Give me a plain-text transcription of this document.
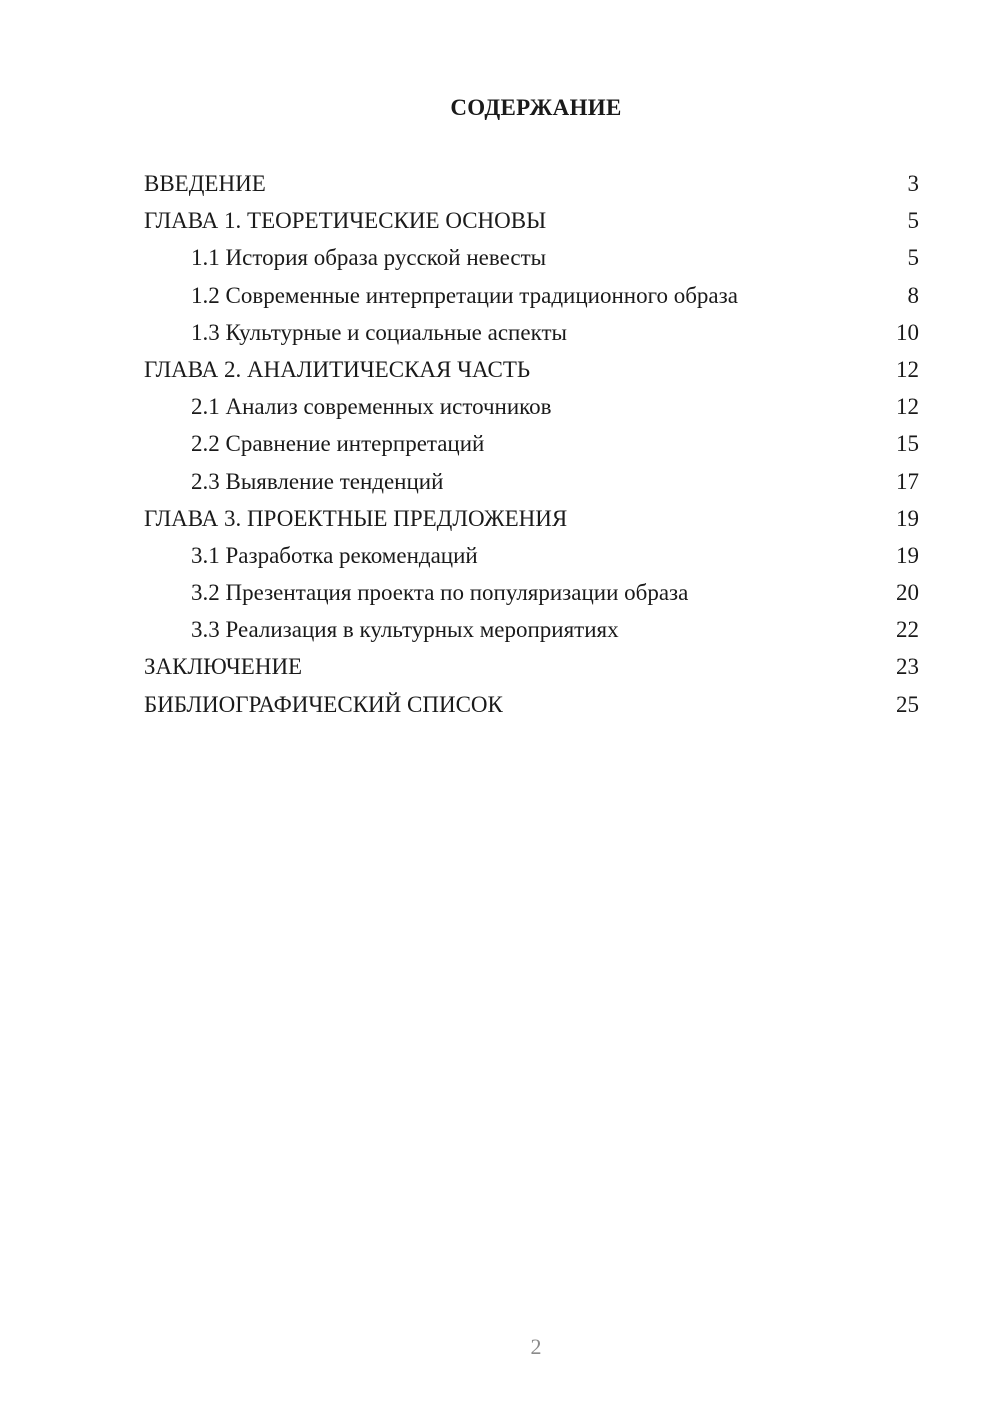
СОДЕРЖАНИЕ
ВВЕДЕНИЕ	3
ГЛАВА 1. ТЕОРЕТИЧЕСКИЕ ОСНОВЫ	5
1.1 История образа русской невесты	5
1.2 Современные интерпретации традиционного образа	8
1.3 Культурные и социальные аспекты	10
ГЛАВА 2. АНАЛИТИЧЕСКАЯ ЧАСТЬ	12
2.1 Анализ современных источников	12
2.2 Сравнение интерпретаций	15
2.3 Выявление тенденций	17
ГЛАВА 3. ПРОЕКТНЫЕ ПРЕДЛОЖЕНИЯ	19
3.1 Разработка рекомендаций	19
3.2 Презентация проекта по популяризации образа	20
3.3 Реализация в культурных мероприятиях	22
ЗАКЛЮЧЕНИЕ	23
БИБЛИОГРАФИЧЕСКИЙ СПИСОК	25
2
